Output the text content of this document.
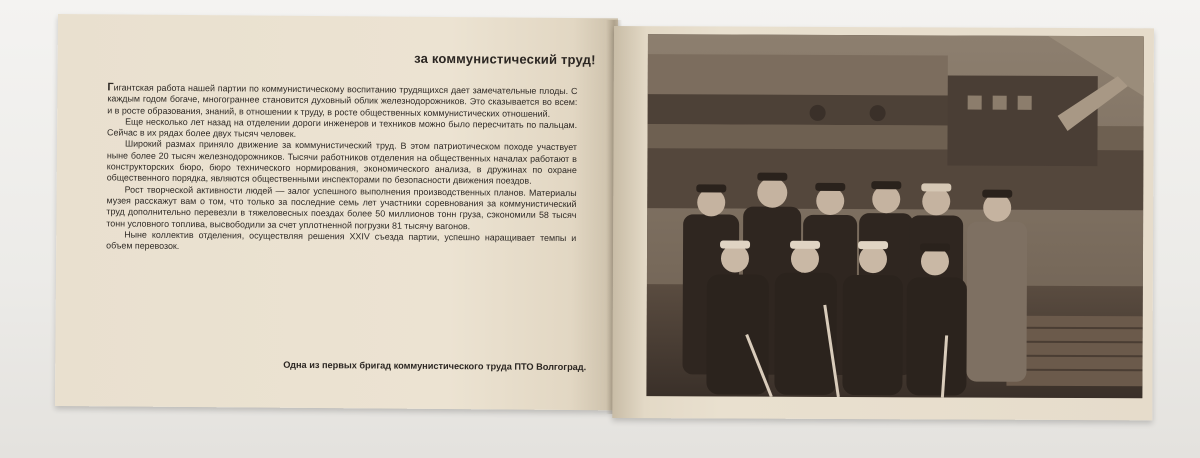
за коммунистический труд!

Гигантская работа нашей партии по коммунистическому воспитанию трудящихся дает замечательные плоды. С каждым годом богаче, многограннее становится духовный облик железнодорожников. Это сказывается во всем: и в росте образования, знаний, в отношении к труду, в росте общественных коммунистических отношений.

Еще несколько лет назад на отделении дороги инженеров и техников можно было пересчитать по пальцам. Сейчас в их рядах более двух тысяч человек.

Широкий размах приняло движение за коммунистический труд. В этом патриотическом походе участвует ныне более 20 тысяч железнодорожников. Тысячи работников отделения на общественных началах работают в конструкторских бюро, бюро технического нормирования, экономического анализа, в дружинах по охране общественного порядка, являются общественными инспекторами по безопасности движения поездов.

Рост творческой активности людей — залог успешного выполнения производственных планов. Материалы музея расскажут вам о том, что только за последние семь лет участники соревнования за коммунистический труд дополнительно перевезли в тяжеловесных поездах более 50 миллионов тонн груза, сэкономили 58 тысяч тонн условного топлива, высвободили за счет уплотненной погрузки 81 тысячу вагонов.

Ныне коллектив отделения, осуществляя решения XXIV съезда партии, успешно наращивает темпы и объем перевозок.

Одна из первых бригад коммунистического труда ПТО Волгоград.
